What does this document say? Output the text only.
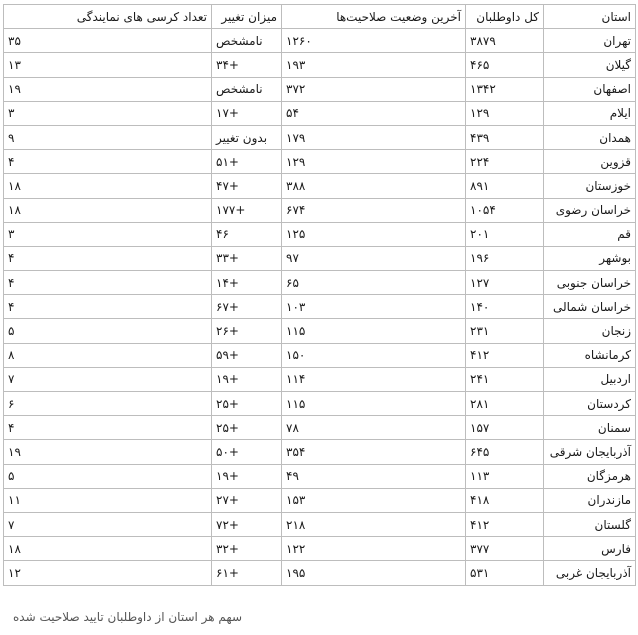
استان	کل داوطلبان	آخرین وضعیت صلاحیت‌ها	میزان تغییر	تعداد کرسی های نمایندگی
تهران	۳۸۷۹	۱۲۶۰	نامشخص	۳۵
گیلان	۴۶۵	۱۹۳	+۳۴	۱۳
اصفهان	۱۳۴۲	۳۷۲	نامشخص	۱۹
ایلام	۱۲۹	۵۴	+۱۷	۳
همدان	۴۳۹	۱۷۹	بدون تغییر	۹
قزوین	۲۲۴	۱۲۹	+۵۱	۴
خوزستان	۸۹۱	۳۸۸	+۴۷	۱۸
خراسان رضوی	۱۰۵۴	۶۷۴	+۱۷۷	۱۸
قم	۲۰۱	۱۲۵	۴۶	۳
بوشهر	۱۹۶	۹۷	+۳۳	۴
خراسان جنوبی	۱۲۷	۶۵	+۱۴	۴
خراسان شمالی	۱۴۰	۱۰۳	+۶۷	۴
زنجان	۲۳۱	۱۱۵	+۲۶	۵
کرمانشاه	۴۱۲	۱۵۰	+۵۹	۸
اردبیل	۲۴۱	۱۱۴	+۱۹	۷
کردستان	۲۸۱	۱۱۵	+۲۵	۶
سمنان	۱۵۷	۷۸	+۲۵	۴
آذربایجان شرقی	۶۴۵	۳۵۴	+۵۰	۱۹
هرمزگان	۱۱۳	۴۹	+۱۹	۵
مازندران	۴۱۸	۱۵۳	+۲۷	۱۱
گلستان	۴۱۲	۲۱۸	+۷۲	۷
فارس	۳۷۷	۱۲۲	+۳۲	۱۸
آذربایجان غربی	۵۳۱	۱۹۵	+۶۱	۱۲
سهم هر استان از داوطلبان تایید صلاحیت شده
